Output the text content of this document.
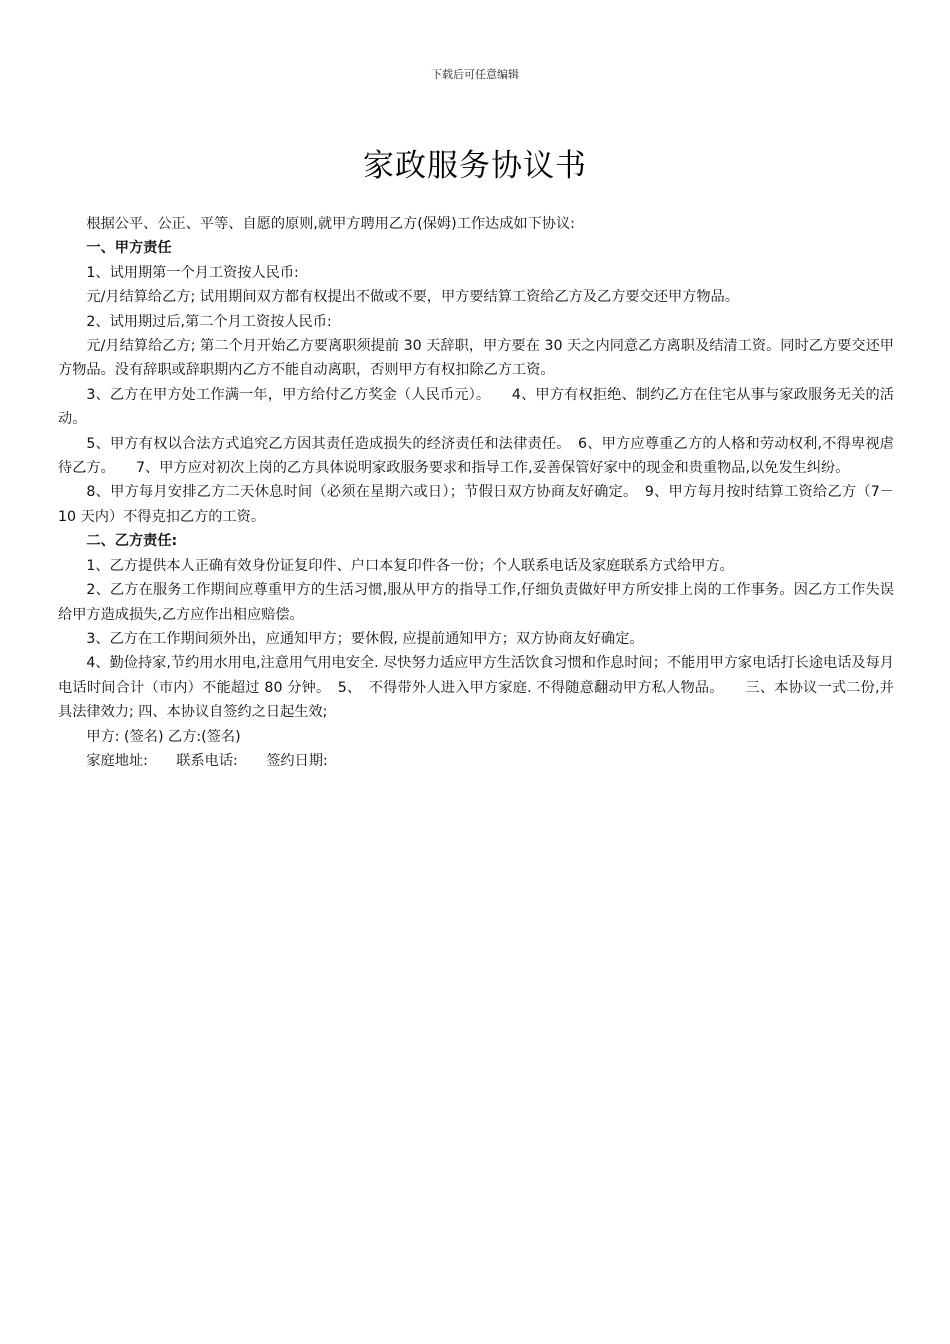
下载后可任意编辑
家政服务协议书

根据公平、公正、平等、自愿的原则,就甲方聘用乙方(保姆)工作达成如下协议:

一、甲方责任

1、试用期第一个月工资按人民币:

元/月结算给乙方; 试用期间双方都有权提出不做或不要，甲方要结算工资给乙方及乙方要交还甲方物品。

2、试用期过后,第二个月工资按人民币:

元/月结算给乙方; 第二个月开始乙方要离职须提前 30 天辞职，甲方要在 30 天之内同意乙方离职及结清工资。同时乙方要交还甲方物品。没有辞职或辞职期内乙方不能自动离职，否则甲方有权扣除乙方工资。

3、乙方在甲方处工作满一年，甲方给付乙方奖金（人民币元）。　　4、甲方有权拒绝、制约乙方在住宅从事与家政服务无关的活动。

5、甲方有权以合法方式追究乙方因其责任造成损失的经济责任和法律责任。　6、甲方应尊重乙方的人格和劳动权利,不得卑视虐待乙方。　　7、甲方应对初次上岗的乙方具体说明家政服务要求和指导工作,妥善保管好家中的现金和贵重物品,以免发生纠纷。

8、甲方每月安排乙方二天休息时间（必须在星期六或日）；节假日双方协商友好确定。　9、甲方每月按时结算工资给乙方（7－10 天内）不得克扣乙方的工资。

二、乙方责任:

1、乙方提供本人正确有效身份证复印件、户口本复印件各一份；个人联系电话及家庭联系方式给甲方。

2、乙方在服务工作期间应尊重甲方的生活习惯,服从甲方的指导工作,仔细负责做好甲方所安排上岗的工作事务。因乙方工作失误给甲方造成损失,乙方应作出相应赔偿。

3、乙方在工作期间须外出，应通知甲方；要休假, 应提前通知甲方；双方协商友好确定。

4、勤俭持家,节约用水用电,注意用气用电安全. 尽快努力适应甲方生活饮食习惯和作息时间；不能用甲方家电话打长途电话及每月电话时间合计（市内）不能超过 80 分钟。　5、　不得带外人进入甲方家庭. 不得随意翻动甲方私人物品。　　三、本协议一式二份,并具法律效力; 四、本协议自签约之日起生效;

甲方: (签名) 乙方:(签名)

家庭地址:　　联系电话:　　签约日期:
